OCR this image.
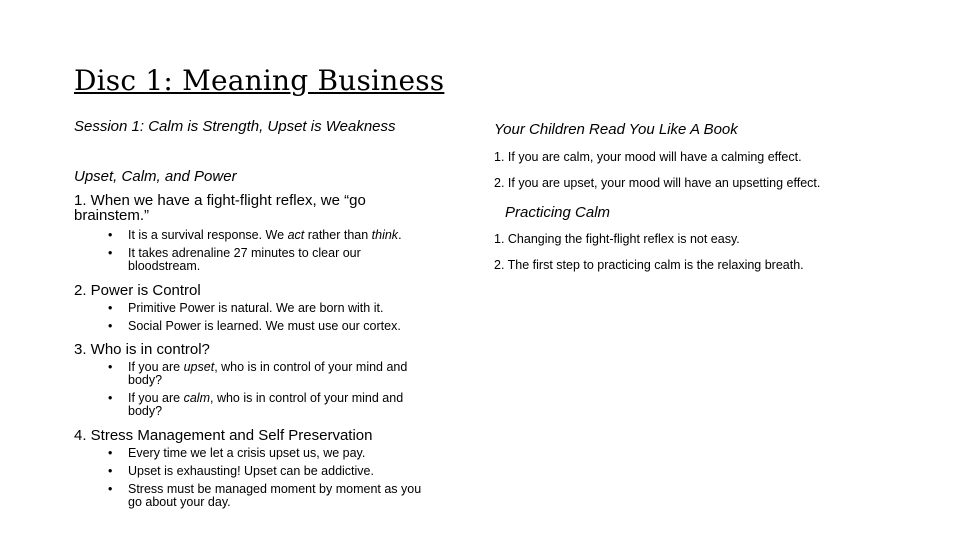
Disc 1: Meaning Business
Session 1: Calm is Strength, Upset is Weakness
Upset, Calm, and Power
1. When we have a fight-flight reflex, we “go
brainstem.”
• It is a survival response. We act rather than think.
• It takes adrenaline 27 minutes to clear our
bloodstream.
2. Power is Control
• Primitive Power is natural. We are born with it.
• Social Power is learned. We must use our cortex.
3. Who is in control?
• If you are upset, who is in control of your mind and
body?
• If you are calm, who is in control of your mind and
body?
4. Stress Management and Self Preservation
• Every time we let a crisis upset us, we pay.
• Upset is exhausting! Upset can be addictive.
• Stress must be managed moment by moment as you
go about your day.
Your Children Read You Like A Book
1. If you are calm, your mood will have a calming effect.
2. If you are upset, your mood will have an upsetting effect.
Practicing Calm
1. Changing the fight-flight reflex is not easy.
2. The first step to practicing calm is the relaxing breath.
